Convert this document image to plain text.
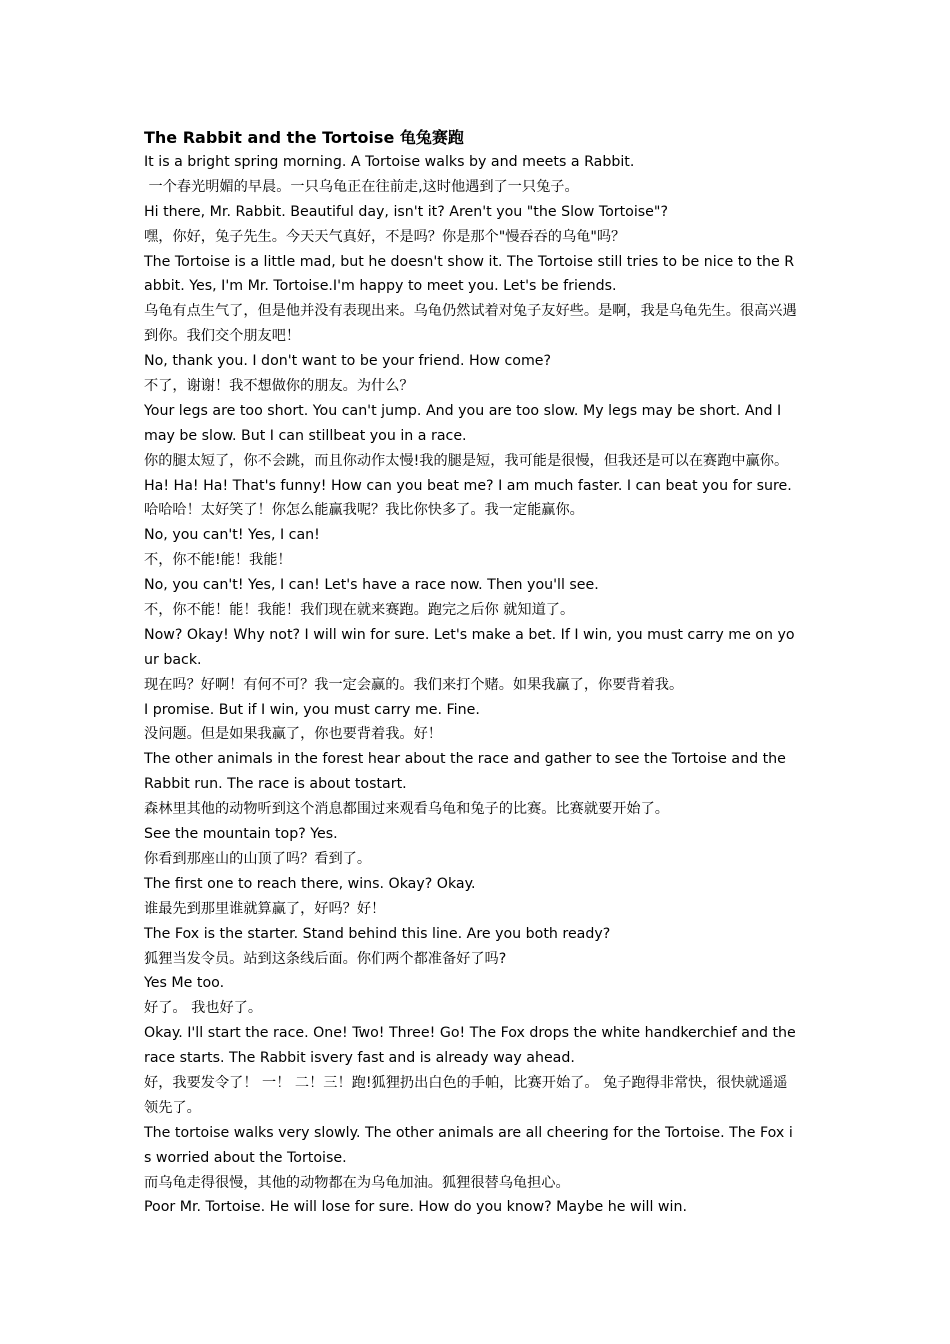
The Rabbit and the Tortoise 龟兔赛跑
It is a bright spring morning. A Tortoise walks by and meets a Rabbit.
一个春光明媚的早晨。一只乌龟正在往前走,这时他遇到了一只兔子。
Hi there, Mr. Rabbit. Beautiful day, isn't it? Aren't you "the Slow Tortoise"?
嘿，你好，兔子先生。今天天气真好，不是吗？你是那个"慢吞吞的乌龟"吗？
The Tortoise is a little mad, but he doesn't show it. The Tortoise still tries to be nice to the R
abbit. Yes, I'm Mr. Tortoise.I'm happy to meet you. Let's be friends.
乌龟有点生气了，但是他并没有表现出来。乌龟仍然试着对兔子友好些。是啊，我是乌龟先生。很高兴遇
到你。我们交个朋友吧！
No, thank you. I don't want to be your friend. How come?
不了，谢谢！我不想做你的朋友。为什么？
Your legs are too short. You can't jump. And you are too slow. My legs may be short. And I
may be slow. But I can stillbeat you in a race.
你的腿太短了，你不会跳，而且你动作太慢!我的腿是短，我可能是很慢，但我还是可以在赛跑中赢你。
Ha! Ha! Ha! That's funny! How can you beat me? I am much faster. I can beat you for sure.
哈哈哈！太好笑了！你怎么能赢我呢？我比你快多了。我一定能赢你。
No, you can't! Yes, I can!
不，你不能!能！我能！
No, you can't! Yes, I can! Let's have a race now. Then you'll see.
不，你不能！能！我能！我们现在就来赛跑。跑完之后你 就知道了。
Now? Okay! Why not? I will win for sure. Let's make a bet. If I win, you must carry me on yo
ur back.
现在吗？好啊！有何不可？我一定会赢的。我们来打个赌。如果我赢了，你要背着我。
I promise. But if I win, you must carry me. Fine.
没问题。但是如果我赢了，你也要背着我。好！
The other animals in the forest hear about the race and gather to see the Tortoise and the
Rabbit run. The race is about tostart.
森林里其他的动物听到这个消息都围过来观看乌龟和兔子的比赛。比赛就要开始了。
See the mountain top? Yes.
你看到那座山的山顶了吗？看到了。
The first one to reach there, wins. Okay? Okay.
谁最先到那里谁就算赢了，好吗？好！
The Fox is the starter. Stand behind this line. Are you both ready?
狐狸当发令员。站到这条线后面。你们两个都准备好了吗?
Yes Me too.
好了。 我也好了。
Okay. I'll start the race. One! Two! Three! Go! The Fox drops the white handkerchief and the
race starts. The Rabbit isvery fast and is already way ahead.
好，我要发令了！ 一！ 二！三！跑!狐狸扔出白色的手帕，比赛开始了。 兔子跑得非常快，很快就遥遥
领先了。
The tortoise walks very slowly. The other animals are all cheering for the Tortoise. The Fox i
s worried about the Tortoise.
而乌龟走得很慢，其他的动物都在为乌龟加油。狐狸很替乌龟担心。
Poor Mr. Tortoise. He will lose for sure. How do you know? Maybe he will win.
